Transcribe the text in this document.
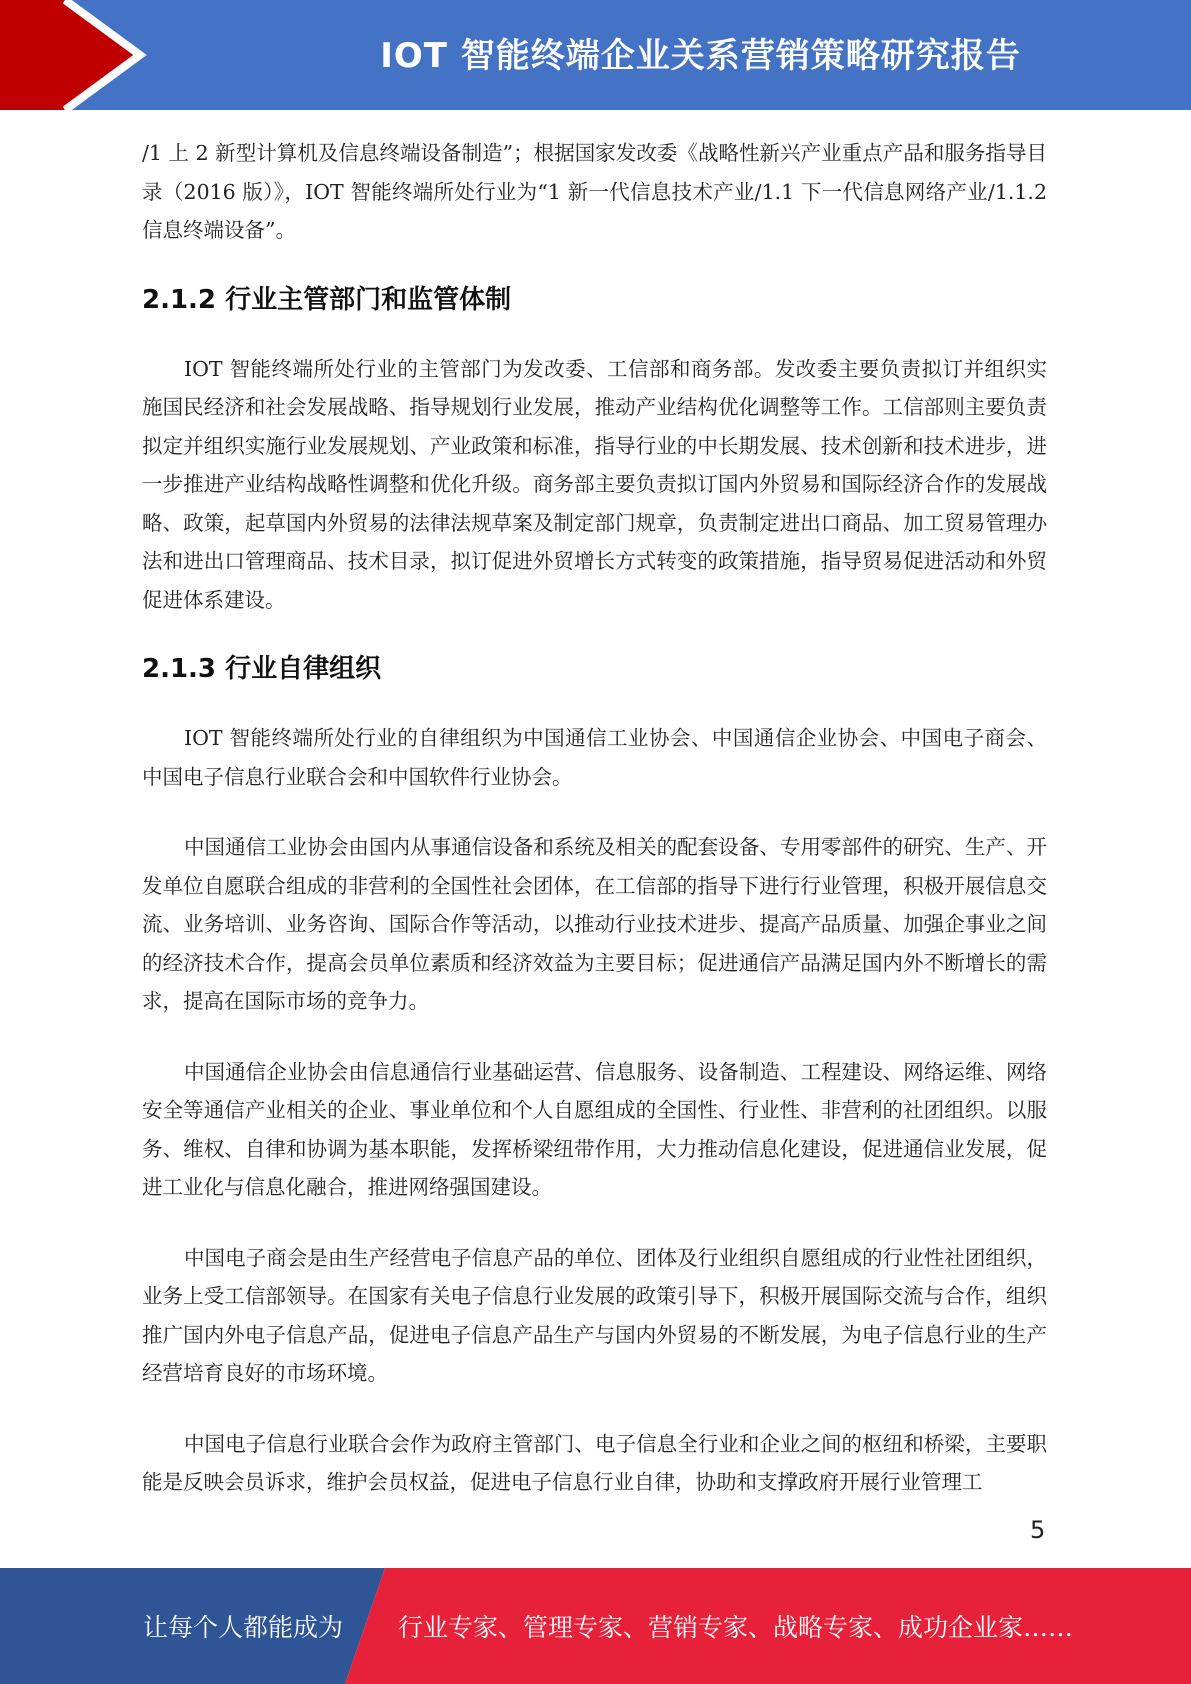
IOT 智能终端企业关系营销策略研究报告

/1 上 2 新型计算机及信息终端设备制造”；根据国家发改委《战略性新兴产业重点产品和服务指导目录（2016 版）》，IOT 智能终端所处行业为“1 新一代信息技术产业/1.1 下一代信息网络产业/1.1.2 信息终端设备”。

2.1.2 行业主管部门和监管体制

IOT 智能终端所处行业的主管部门为发改委、工信部和商务部。发改委主要负责拟订并组织实施国民经济和社会发展战略、指导规划行业发展，推动产业结构优化调整等工作。工信部则主要负责拟定并组织实施行业发展规划、产业政策和标准，指导行业的中长期发展、技术创新和技术进步，进一步推进产业结构战略性调整和优化升级。商务部主要负责拟订国内外贸易和国际经济合作的发展战略、政策，起草国内外贸易的法律法规草案及制定部门规章，负责制定进出口商品、加工贸易管理办法和进出口管理商品、技术目录，拟订促进外贸增长方式转变的政策措施，指导贸易促进活动和外贸促进体系建设。

2.1.3 行业自律组织

IOT 智能终端所处行业的自律组织为中国通信工业协会、中国通信企业协会、中国电子商会、中国电子信息行业联合会和中国软件行业协会。

中国通信工业协会由国内从事通信设备和系统及相关的配套设备、专用零部件的研究、生产、开发单位自愿联合组成的非营利的全国性社会团体，在工信部的指导下进行行业管理，积极开展信息交流、业务培训、业务咨询、国际合作等活动，以推动行业技术进步、提高产品质量、加强企事业之间的经济技术合作，提高会员单位素质和经济效益为主要目标；促进通信产品满足国内外不断增长的需求，提高在国际市场的竞争力。

中国通信企业协会由信息通信行业基础运营、信息服务、设备制造、工程建设、网络运维、网络安全等通信产业相关的企业、事业单位和个人自愿组成的全国性、行业性、非营利的社团组织。以服务、维权、自律和协调为基本职能，发挥桥梁纽带作用，大力推动信息化建设，促进通信业发展，促进工业化与信息化融合，推进网络强国建设。

中国电子商会是由生产经营电子信息产品的单位、团体及行业组织自愿组成的行业性社团组织，业务上受工信部领导。在国家有关电子信息行业发展的政策引导下，积极开展国际交流与合作，组织推广国内外电子信息产品，促进电子信息产品生产与国内外贸易的不断发展，为电子信息行业的生产经营培育良好的市场环境。

中国电子信息行业联合会作为政府主管部门、电子信息全行业和企业之间的枢纽和桥梁，主要职能是反映会员诉求，维护会员权益，促进电子信息行业自律，协助和支撑政府开展行业管理工

5
让每个人都能成为 行业专家、管理专家、营销专家、战略专家、成功企业家……
